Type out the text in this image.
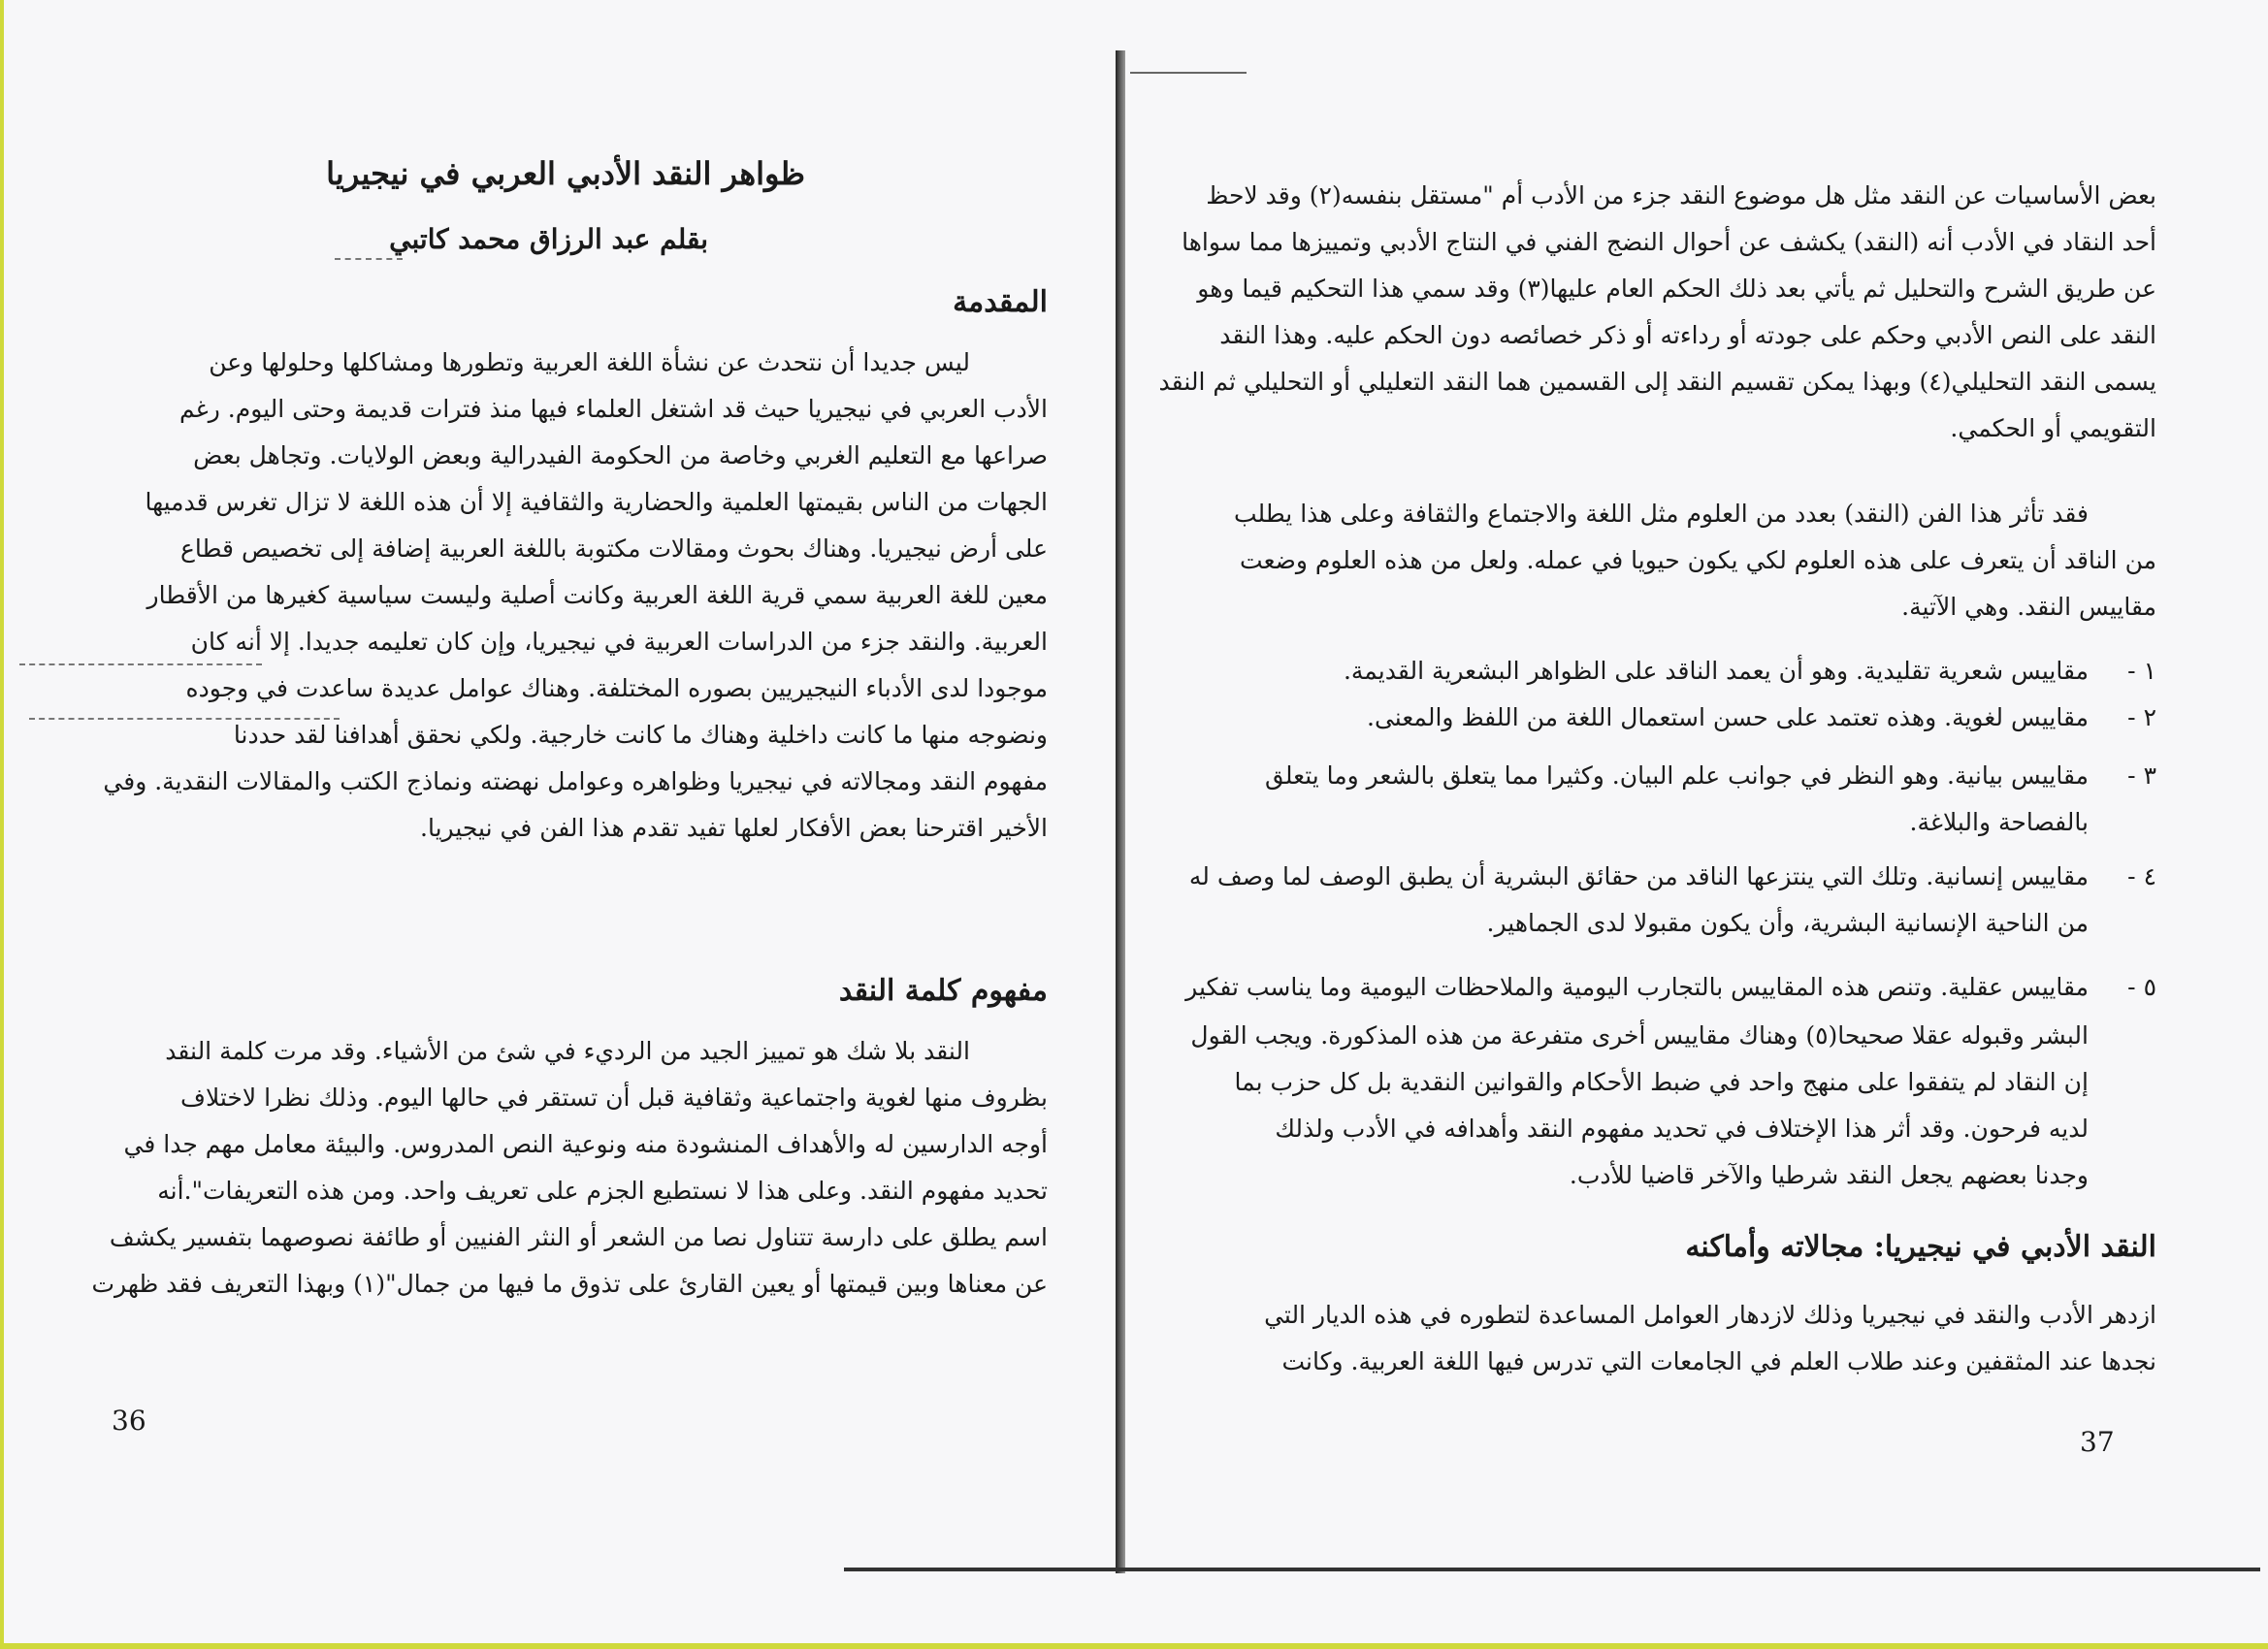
ظواهر النقد الأدبي العربي في نيجيريا
بقلم عبد الرزاق محمد كاتبي
المقدمة
ليس جديدا أن نتحدث عن نشأة اللغة العربية وتطورها ومشاكلها وحلولها وعن
الأدب العربي في نيجيريا حيث قد اشتغل العلماء فيها منذ فترات قديمة وحتى اليوم. رغم
صراعها مع التعليم الغربي وخاصة من الحكومة الفيدرالية وبعض الولايات. وتجاهل بعض
الجهات من الناس بقيمتها العلمية والحضارية والثقافية إلا أن هذه اللغة لا تزال تغرس قدميها
على أرض نيجيريا. وهناك بحوث ومقالات مكتوبة باللغة العربية إضافة إلى تخصيص قطاع
معين للغة العربية سمي قرية اللغة العربية وكانت أصلية وليست سياسية كغيرها من الأقطار
العربية. والنقد جزء من الدراسات العربية في نيجيريا، وإن كان تعليمه جديدا. إلا أنه كان
موجودا لدى الأدباء النيجيريين بصوره المختلفة. وهناك عوامل عديدة ساعدت في وجوده
ونضوجه منها ما كانت داخلية وهناك ما كانت خارجية. ولكي نحقق أهدافنا لقد حددنا
مفهوم النقد ومجالاته في نيجيريا وظواهره وعوامل نهضته ونماذج الكتب والمقالات النقدية. وفي
الأخير اقترحنا بعض الأفكار لعلها تفيد تقدم هذا الفن في نيجيريا.
مفهوم كلمة النقد
النقد بلا شك هو تمييز الجيد من الرديء في شئ من الأشياء. وقد مرت كلمة النقد
بظروف منها لغوية واجتماعية وثقافية قبل أن تستقر في حالها اليوم. وذلك نظرا لاختلاف
أوجه الدارسين له والأهداف المنشودة منه ونوعية النص المدروس. والبيئة معامل مهم جدا في
تحديد مفهوم النقد. وعلى هذا لا نستطيع الجزم على تعريف واحد. ومن هذه التعريفات".أنه
اسم يطلق على دارسة تتناول نصا من الشعر أو النثر الفنيين أو طائفة نصوصهما بتفسير يكشف
عن معناها وبين قيمتها أو يعين القارئ على تذوق ما فيها من جمال"(١) وبهذا التعريف فقد ظهرت
36
بعض الأساسيات عن النقد مثل هل موضوع النقد جزء من الأدب أم "مستقل بنفسه(٢) وقد لاحظ
أحد النقاد في الأدب أنه (النقد) يكشف عن أحوال النضج الفني في النتاج الأدبي وتمييزها مما سواها
عن طريق الشرح والتحليل ثم يأتي بعد ذلك الحكم العام عليها(٣) وقد سمي هذا التحكيم قيما وهو
النقد على النص الأدبي وحكم على جودته أو رداءته أو ذكر خصائصه دون الحكم عليه. وهذا النقد
يسمى النقد التحليلي(٤) وبهذا يمكن تقسيم النقد إلى القسمين هما النقد التعليلي أو التحليلي ثم النقد
التقويمي أو الحكمي.
فقد تأثر هذا الفن (النقد) بعدد من العلوم مثل اللغة والاجتماع والثقافة وعلى هذا يطلب
من الناقد أن يتعرف على هذه العلوم لكي يكون حيويا في عمله. ولعل من هذه العلوم وضعت
مقاييس النقد. وهي الآتية.
١ -
مقاييس شعرية تقليدية. وهو أن يعمد الناقد على الظواهر البشعرية القديمة.
٢ -
مقاييس لغوية. وهذه تعتمد على حسن استعمال اللغة من اللفظ والمعنى.
٣ -
مقاييس بيانية. وهو النظر في جوانب علم البيان. وكثيرا مما يتعلق بالشعر وما يتعلق
بالفصاحة والبلاغة.
٤ -
مقاييس إنسانية. وتلك التي ينتزعها الناقد من حقائق البشرية أن يطبق الوصف لما وصف له
من الناحية الإنسانية البشرية، وأن يكون مقبولا لدى الجماهير.
٥ -
مقاييس عقلية. وتنص هذه المقاييس بالتجارب اليومية والملاحظات اليومية وما يناسب تفكير
البشر وقبوله عقلا صحيحا(٥) وهناك مقاييس أخرى متفرعة من هذه المذكورة. ويجب القول
إن النقاد لم يتفقوا على منهج واحد في ضبط الأحكام والقوانين النقدية بل كل حزب بما
لديه فرحون. وقد أثر هذا الإختلاف في تحديد مفهوم النقد وأهدافه في الأدب ولذلك
وجدنا بعضهم يجعل النقد شرطيا والآخر قاضيا للأدب.
النقد الأدبي في نيجيريا: مجالاته وأماكنه
ازدهر الأدب والنقد في نيجيريا وذلك لازدهار العوامل المساعدة لتطوره في هذه الديار التي
نجدها عند المثقفين وعند طلاب العلم في الجامعات التي تدرس فيها اللغة العربية. وكانت
37
